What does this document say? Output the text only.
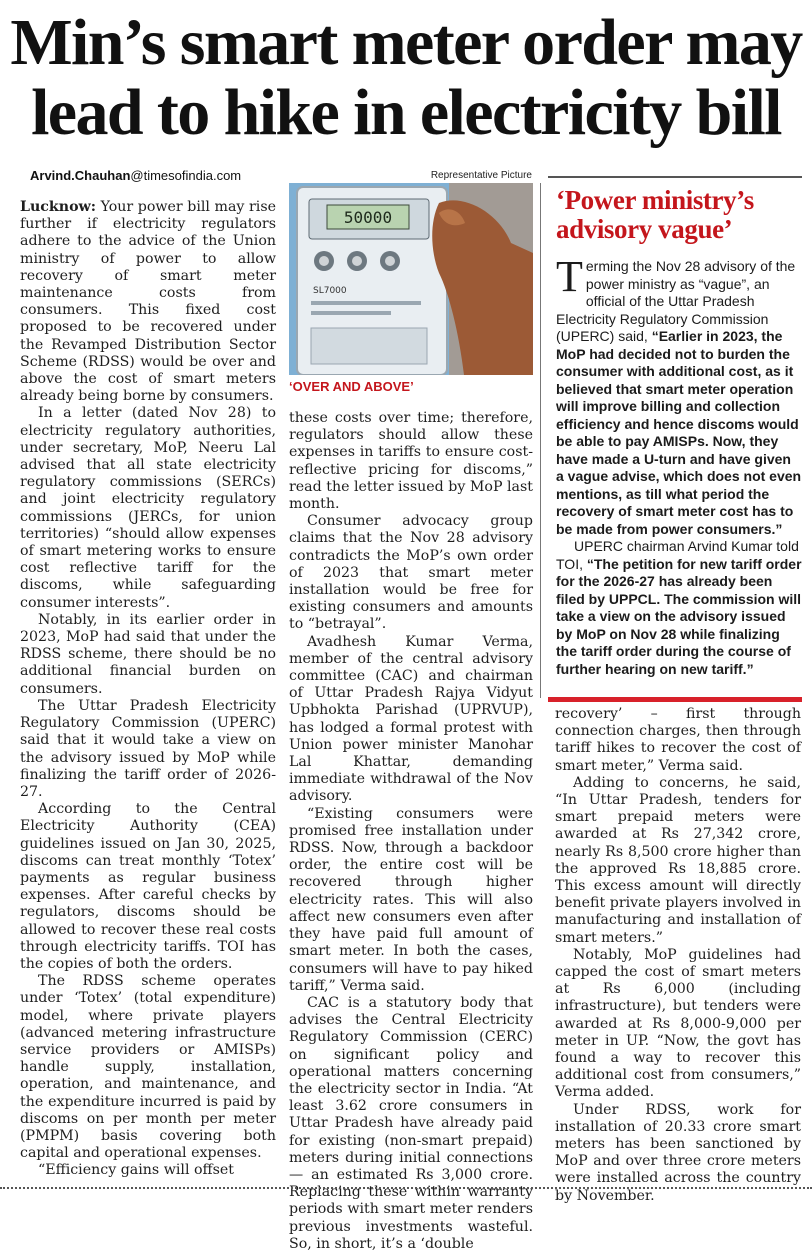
Min’s smart meter order may lead to hike in electricity bill
Arvind.Chauhan@timesofindia.com

Lucknow: Your power bill may rise further if electricity regulators adhere to the advice of the Union ministry of power to allow recovery of smart meter maintenance costs from consumers. This fixed cost proposed to be recovered under the Revamped Distribution Sector Scheme (RDSS) would be over and above the cost of smart meters already being borne by consumers.

In a letter (dated Nov 28) to electricity regulatory authorities, under secretary, MoP, Neeru Lal advised that all state electricity regulatory commissions (SERCs) and joint electricity regulatory commissions (JERCs, for union territories) “should allow expenses of smart metering works to ensure cost reflective tariff for the discoms, while safeguarding consumer interests”.

Notably, in its earlier order in 2023, MoP had said that under the RDSS scheme, there should be no additional financial burden on consumers.

The Uttar Pradesh Electricity Regulatory Commission (UPERC) said that it would take a view on the advisory issued by MoP while finalizing the tariff order of 2026-27.

According to the Central Electricity Authority (CEA) guidelines issued on Jan 30, 2025, discoms can treat monthly ‘Totex’ payments as regular business expenses. After careful checks by regulators, discoms should be allowed to recover these real costs through electricity tariffs. TOI has the copies of both the orders.

The RDSS scheme operates under ‘Totex’ (total expenditure) model, where private players (advanced metering infrastructure service providers or AMISPs) handle supply, installation, operation, and maintenance, and the expenditure incurred is paid by discoms on per month per meter (PMPM) basis covering both capital and operational expenses.

“Efficiency gains will offset

Representative Picture
50000
SL7000
‘OVER AND ABOVE’

these costs over time; therefore, regulators should allow these expenses in tariffs to ensure cost-reflective pricing for discoms,” read the letter issued by MoP last month.

Consumer advocacy group claims that the Nov 28 advisory contradicts the MoP’s own order of 2023 that smart meter installation would be free for existing consumers and amounts to “betrayal”.

Avadhesh Kumar Verma, member of the central advisory committee (CAC) and chairman of Uttar Pradesh Rajya Vidyut Upbhokta Parishad (UPRVUP), has lodged a formal protest with Union power minister Manohar Lal Khattar, demanding immediate withdrawal of the Nov advisory.

“Existing consumers were promised free installation under RDSS. Now, through a backdoor order, the entire cost will be recovered through higher electricity rates. This will also affect new consumers even after they have paid full amount of smart meter. In both the cases, consumers will have to pay hiked tariff,” Verma said.

CAC is a statutory body that advises the Central Electricity Regulatory Commission (CERC) on significant policy and operational matters concerning the electricity sector in India. “At least 3.62 crore consumers in Uttar Pradesh have already paid for existing (non-smart prepaid) meters during initial connections — an estimated Rs 3,000 crore. Replacing these within warranty periods with smart meter renders previous investments wasteful. So, in short, it’s a ‘double

‘Power ministry’s advisory vague’

Terming the Nov 28 advisory of the power ministry as “vague”, an official of the Uttar Pradesh Electricity Regulatory Commission (UPERC) said, “Earlier in 2023, the MoP had decided not to burden the consumer with additional cost, as it believed that smart meter operation will improve billing and collection efficiency and hence discoms would be able to pay AMISPs. Now, they have made a U-turn and have given a vague advise, which does not even mentions, as till what period the recovery of smart meter cost has to be made from power consumers.”

UPERC chairman Arvind Kumar told TOI, “The petition for new tariff order for the 2026-27 has already been filed by UPPCL. The commission will take a view on the advisory issued by MoP on Nov 28 while finalizing the tariff order during the course of further hearing on new tariff.”

recovery’ – first through connection charges, then through tariff hikes to recover the cost of smart meter,” Verma said.

Adding to concerns, he said, “In Uttar Pradesh, tenders for smart prepaid meters were awarded at Rs 27,342 crore, nearly Rs 8,500 crore higher than the approved Rs 18,885 crore. This excess amount will directly benefit private players involved in manufacturing and installation of smart meters.”

Notably, MoP guidelines had capped the cost of smart meters at Rs 6,000 (including infrastructure), but tenders were awarded at Rs 8,000-9,000 per meter in UP. “Now, the govt has found a way to recover this additional cost from consumers,” Verma added.

Under RDSS, work for installation of 20.33 crore smart meters has been sanctioned by MoP and over three crore meters were installed across the country by November.
